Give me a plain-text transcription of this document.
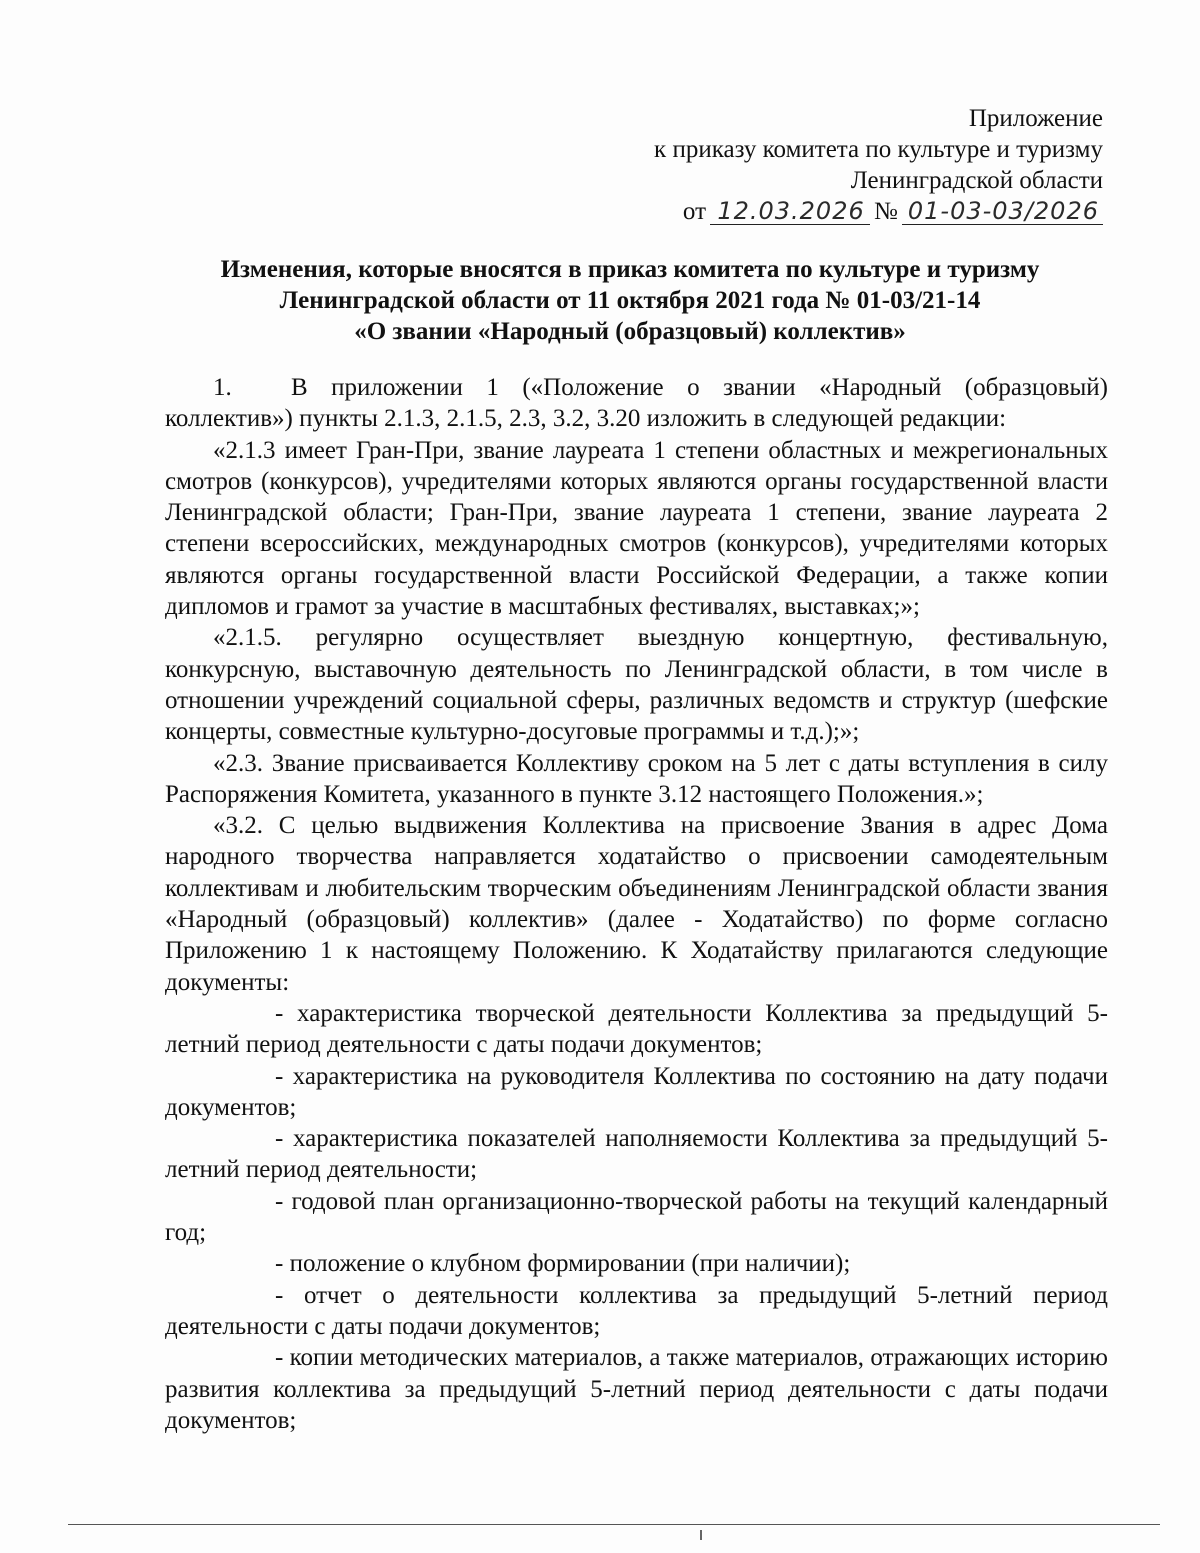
Приложение
к приказу комитета по культуре и туризму
Ленинградской области
от 12.03.2026 № 01-03-03/2026
Изменения, которые вносятся в приказ комитета по культуре и туризму
Ленинградской области от 11 октября 2021 года № 01-03/21-14
«О звании «Народный (образцовый) коллектив»

1. В приложении 1 («Положение о звании «Народный (образцовый) коллектив») пункты 2.1.3, 2.1.5, 2.3, 3.2, 3.20 изложить в следующей редакции:

«2.1.3 имеет Гран-При, звание лауреата 1 степени областных и межрегиональных смотров (конкурсов), учредителями которых являются органы государственной власти Ленинградской области; Гран-При, звание лауреата 1 степени, звание лауреата 2 степени всероссийских, международных смотров (конкурсов), учредителями которых являются органы государственной власти Российской Федерации, а также копии дипломов и грамот за участие в масштабных фестивалях, выставках;»;

«2.1.5. регулярно осуществляет выездную концертную, фестивальную, конкурсную, выставочную деятельность по Ленинградской области, в том числе в отношении учреждений социальной сферы, различных ведомств и структур (шефские концерты, совместные культурно-досуговые программы и т.д.);»;

«2.3. Звание присваивается Коллективу сроком на 5 лет с даты вступления в силу Распоряжения Комитета, указанного в пункте 3.12 настоящего Положения.»;

«3.2. С целью выдвижения Коллектива на присвоение Звания в адрес Дома народного творчества направляется ходатайство о присвоении самодеятельным коллективам и любительским творческим объединениям Ленинградской области звания «Народный (образцовый) коллектив» (далее - Ходатайство) по форме согласно Приложению 1 к настоящему Положению. К Ходатайству прилагаются следующие документы:

- характеристика творческой деятельности Коллектива за предыдущий 5-летний период деятельности с даты подачи документов;

- характеристика на руководителя Коллектива по состоянию на дату подачи документов;

- характеристика показателей наполняемости Коллектива за предыдущий 5-летний период деятельности;

- годовой план организационно-творческой работы на текущий календарный год;

- положение о клубном формировании (при наличии);

- отчет о деятельности коллектива за предыдущий 5-летний период деятельности с даты подачи документов;

- копии методических материалов, а также материалов, отражающих историю развития коллектива за предыдущий 5-летний период деятельности с даты подачи документов;
